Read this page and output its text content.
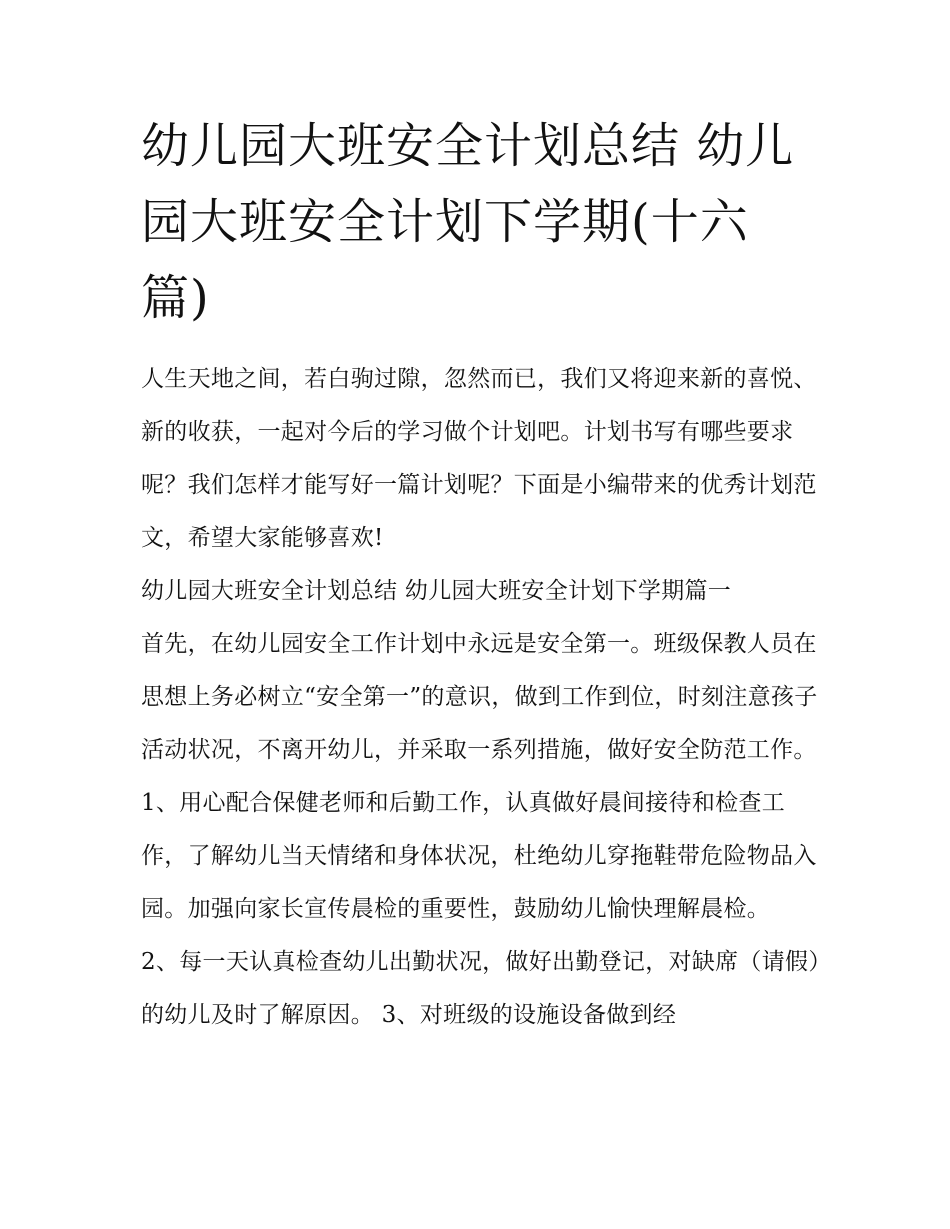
幼儿园大班安全计划总结 幼儿园大班安全计划下学期(十六篇)

人生天地之间，若白驹过隙，忽然而已，我们又将迎来新的喜悦、新的收获，一起对今后的学习做个计划吧。计划书写有哪些要求呢？我们怎样才能写好一篇计划呢？下面是小编带来的优秀计划范文，希望大家能够喜欢!

幼儿园大班安全计划总结 幼儿园大班安全计划下学期篇一

首先，在幼儿园安全工作计划中永远是安全第一。班级保教人员在思想上务必树立“安全第一”的意识，做到工作到位，时刻注意孩子活动状况，不离开幼儿，并采取一系列措施，做好安全防范工作。

1、用心配合保健老师和后勤工作，认真做好晨间接待和检查工作，了解幼儿当天情绪和身体状况，杜绝幼儿穿拖鞋带危险物品入园。加强向家长宣传晨检的重要性，鼓励幼儿愉快理解晨检。

2、每一天认真检查幼儿出勤状况，做好出勤登记，对缺席（请假）的幼儿及时了解原因。 3、对班级的设施设备做到经
